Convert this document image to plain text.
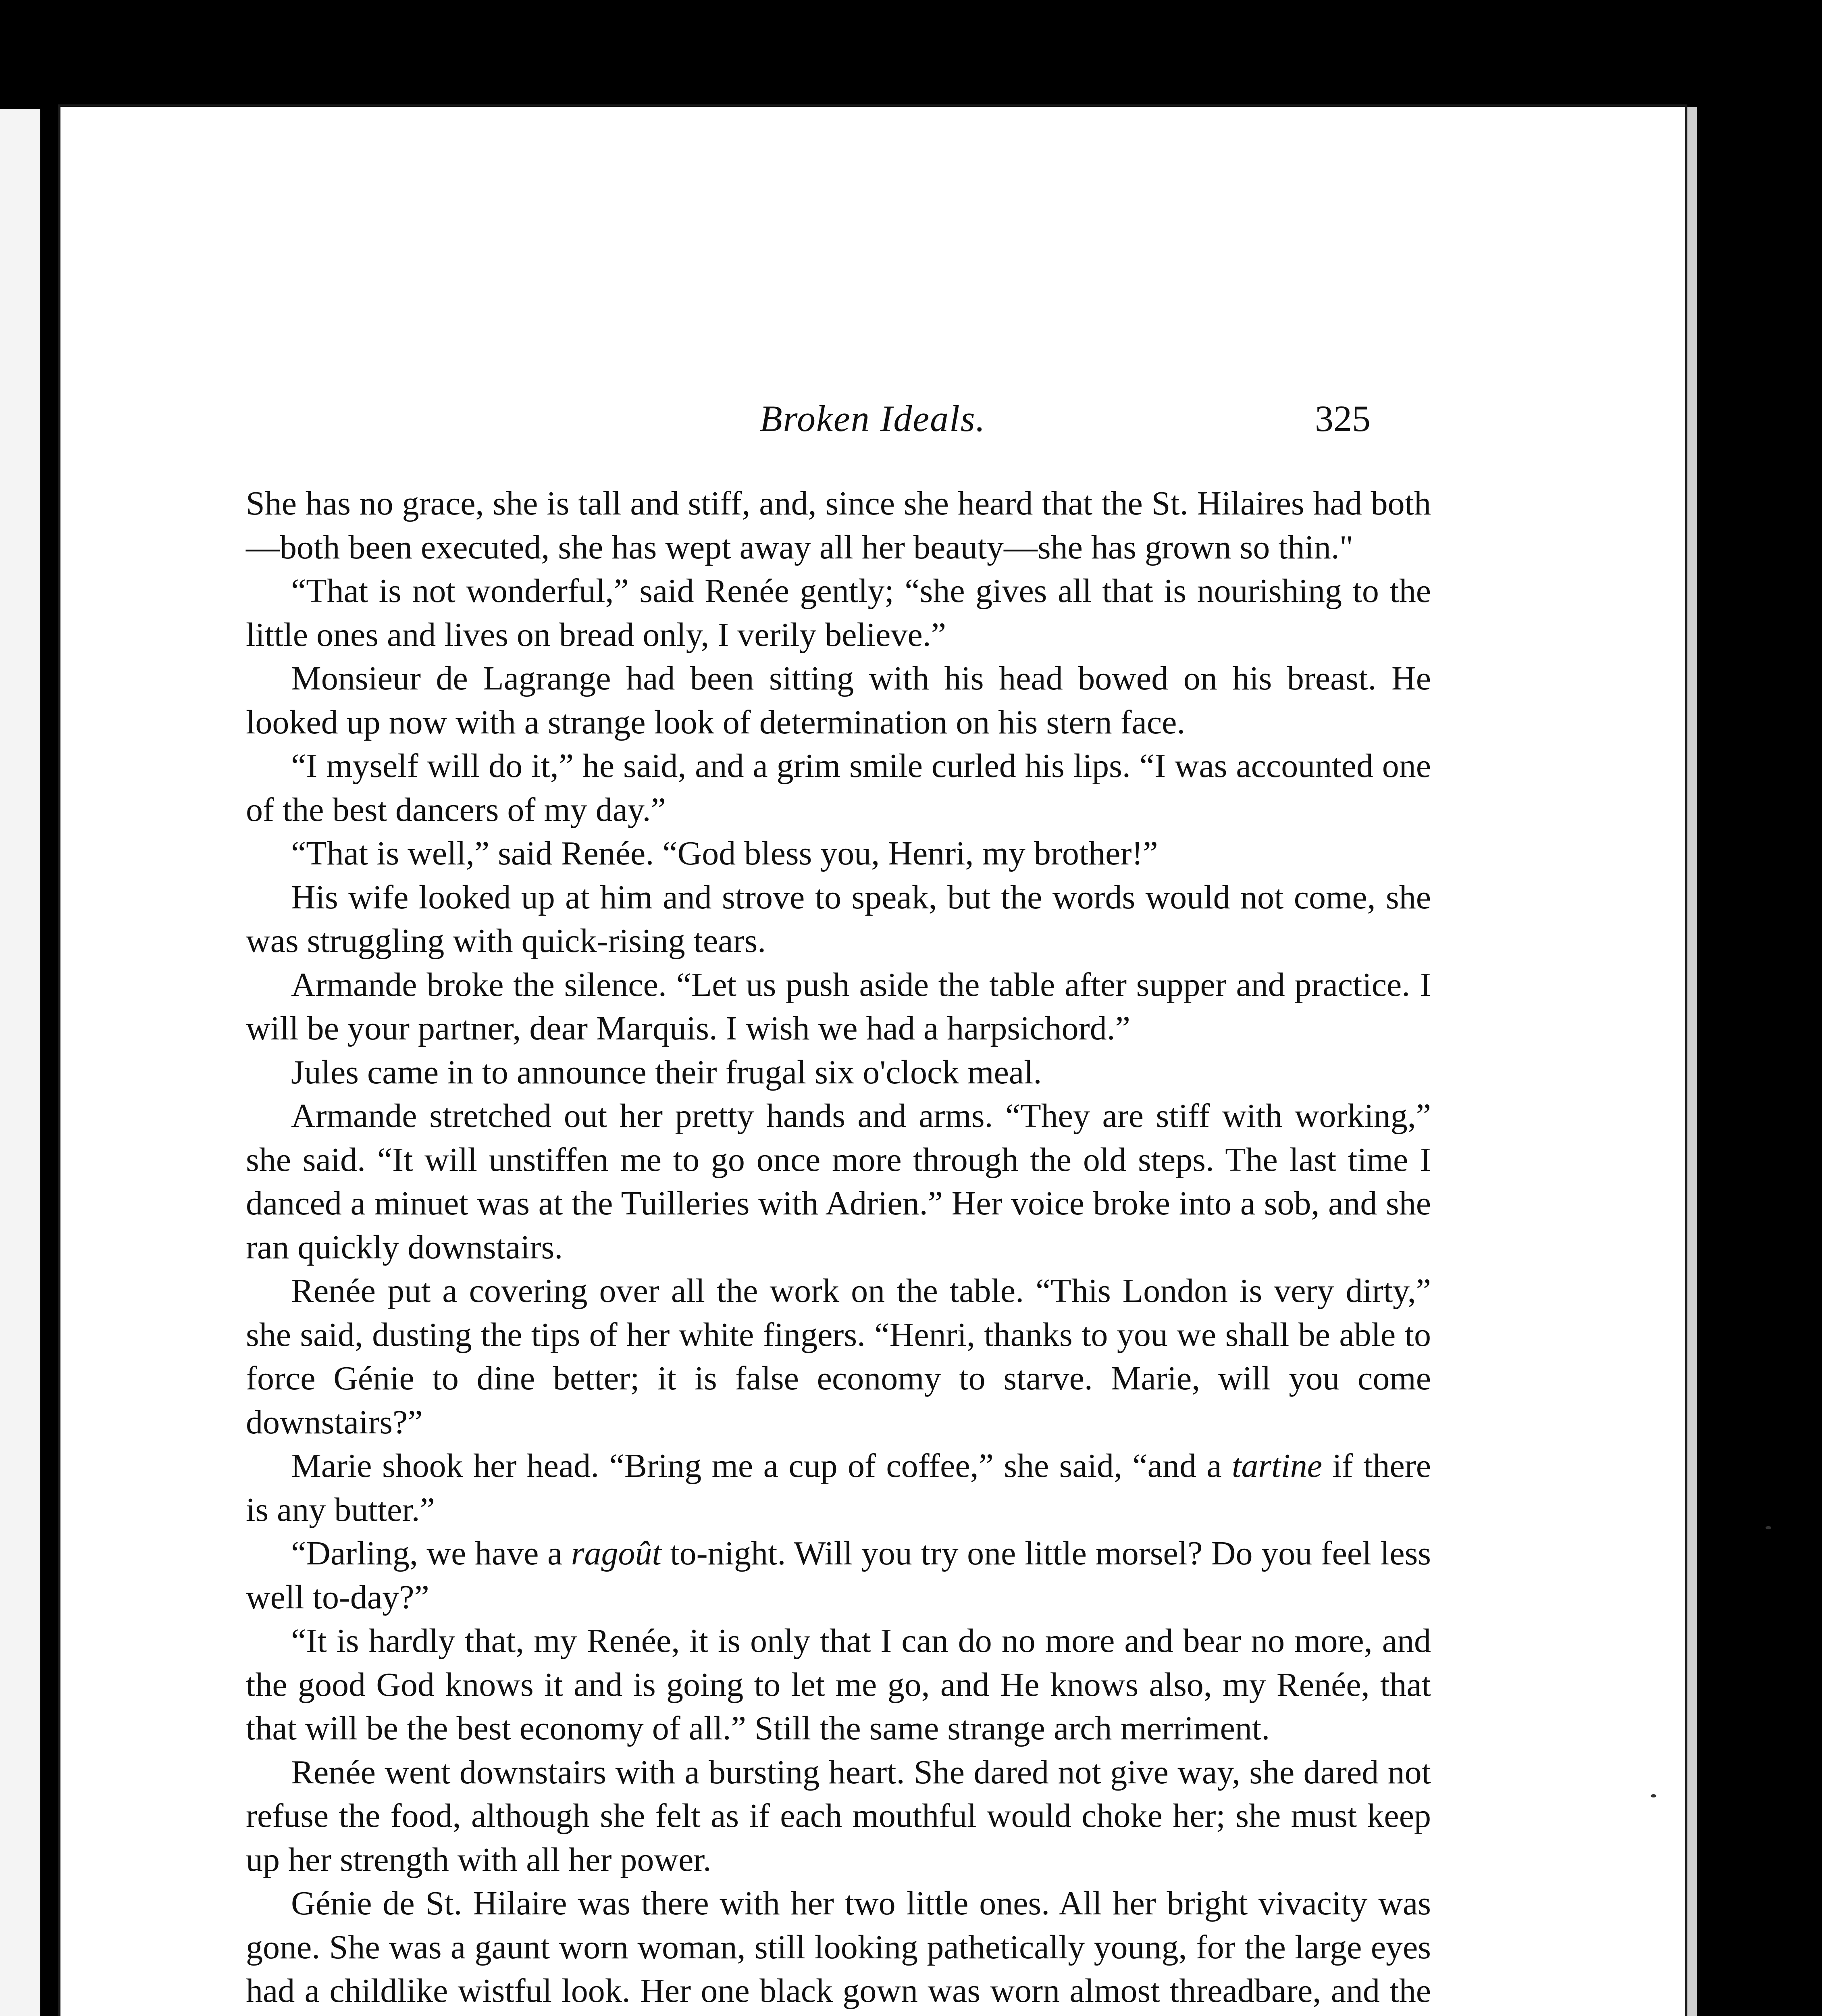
Broken Ideals.	325

She has no grace, she is tall and stiff, and, since she heard that the St. Hilaires had both—both been executed, she has wept away all her beauty—she has grown so thin."

“That is not wonderful,” said Renée gently; “she gives all that is nourishing to the little ones and lives on bread only, I verily believe.”

Monsieur de Lagrange had been sitting with his head bowed on his breast. He looked up now with a strange look of determination on his stern face.

“I myself will do it,” he said, and a grim smile curled his lips. “I was accounted one of the best dancers of my day.”

“That is well,” said Renée. “God bless you, Henri, my brother!”

His wife looked up at him and strove to speak, but the words would not come, she was struggling with quick-rising tears.

Armande broke the silence. “Let us push aside the table after supper and practice. I will be your partner, dear Marquis. I wish we had a harpsichord.”

Jules came in to announce their frugal six o'clock meal.

Armande stretched out her pretty hands and arms. “They are stiff with working,” she said. “It will unstiffen me to go once more through the old steps. The last time I danced a minuet was at the Tuilleries with Adrien.” Her voice broke into a sob, and she ran quickly downstairs.

Renée put a covering over all the work on the table. “This London is very dirty,” she said, dusting the tips of her white fingers. “Henri, thanks to you we shall be able to force Génie to dine better; it is false economy to starve. Marie, will you come downstairs?”

Marie shook her head. “Bring me a cup of coffee,” she said, “and a tartine if there is any butter.”

“Darling, we have a ragoût to-night. Will you try one little morsel? Do you feel less well to-day?”

“It is hardly that, my Renée, it is only that I can do no more and bear no more, and the good God knows it and is going to let me go, and He knows also, my Renée, that that will be the best economy of all.” Still the same strange arch merriment.

Renée went downstairs with a bursting heart. She dared not give way, she dared not refuse the food, although she felt as if each mouthful would choke her; she must keep up her strength with all her power.

Génie de St. Hilaire was there with her two little ones. All her bright vivacity was gone. She was a gaunt worn woman, still looking pathetically young, for the large eyes had a childlike wistful look. Her one black gown was worn almost threadbare, and the
